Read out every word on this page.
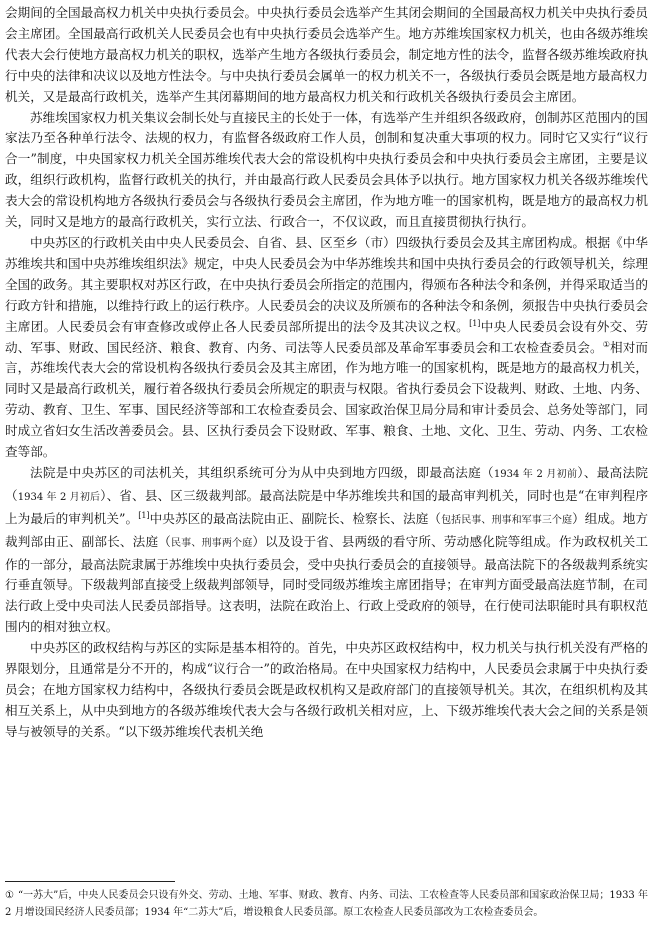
会期间的全国最高权力机关中央执行委员会。中央执行委员会选举产生其闭会期间的全国最高权力机关中央执行委员会主席团。全国最高行政机关人民委员会也有中央执行委员会选举产生。地方苏维埃国家权力机关，也由各级苏维埃代表大会行使地方最高权力机关的职权，选举产生地方各级执行委员会，制定地方性的法令，监督各级苏维埃政府执行中央的法律和决议以及地方性法令。与中央执行委员会属单一的权力机关不一，各级执行委员会既是地方最高权力机关，又是最高行政机关，选举产生其闭幕期间的地方最高权力机关和行政机关各级执行委员会主席团。

苏维埃国家权力机关集议会制长处与直接民主的长处于一体，有选举产生并组织各级政府，创制苏区范围内的国家法乃至各种单行法令、法规的权力，有监督各级政府工作人员，创制和复决重大事项的权力。同时它又实行“议行合一”制度，中央国家权力机关全国苏维埃代表大会的常设机构中央执行委员会和中央执行委员会主席团，主要是议政，组织行政机构，监督行政机关的执行，并由最高行政人民委员会具体予以执行。地方国家权力机关各级苏维埃代表大会的常设机构地方各级执行委员会与各级执行委员会主席团，作为地方唯一的国家机构，既是地方的最高权力机关，同时又是地方的最高行政机关，实行立法、行政合一，不仅议政，而且直接贯彻执行执行。

中央苏区的行政机关由中央人民委员会、自省、县、区至乡（市）四级执行委员会及其主席团构成。根据《中华苏维埃共和国中央苏维埃组织法》规定，中央人民委员会为中华苏维埃共和国中央执行委员会的行政领导机关，综理全国的政务。其主要职权对苏区行政，在中央执行委员会所指定的范围内，得颁布各种法令和条例，并得采取适当的行政方针和措施，以维持行政上的运行秩序。人民委员会的决议及所颁布的各种法令和条例，须报告中央执行委员会主席团。人民委员会有审查修改或停止各人民委员部所提出的法令及其决议之权。[1]中央人民委员会设有外交、劳动、军事、财政、国民经济、粮食、教育、内务、司法等人民委员部及革命军事委员会和工农检查委员会。①相对而言，苏维埃代表大会的常设机构各级执行委员会及其主席团，作为地方唯一的国家机构，既是地方的最高权力机关，同时又是最高行政机关，履行着各级执行委员会所规定的职责与权限。省执行委员会下设裁判、财政、土地、内务、劳动、教育、卫生、军事、国民经济等部和工农检查委员会、国家政治保卫局分局和审计委员会、总务处等部门，同时成立省妇女生活改善委员会。县、区执行委员会下设财政、军事、粮食、土地、文化、卫生、劳动、内务、工农检查等部。

法院是中央苏区的司法机关，其组织系统可分为从中央到地方四级，即最高法庭（1934 年 2 月初前）、最高法院（1934 年 2 月初后）、省、县、区三级裁判部。最高法院是中华苏维埃共和国的最高审判机关，同时也是“在审判程序上为最后的审判机关”。[1]中央苏区的最高法院由正、副院长、检察长、法庭（包括民事、刑事和军事三个庭）组成。地方裁判部由正、副部长、法庭（民事、刑事两个庭）以及设于省、县两级的看守所、劳动感化院等组成。作为政权机关工作的一部分，最高法院隶属于苏维埃中央执行委员会，受中央执行委员会的直接领导。最高法院下的各级裁判系统实行垂直领导。下级裁判部直接受上级裁判部领导，同时受同级苏维埃主席团指导；在审判方面受最高法庭节制，在司法行政上受中央司法人民委员部指导。这表明，法院在政治上、行政上受政府的领导，在行使司法职能时具有职权范围内的相对独立权。

中央苏区的政权结构与苏区的实际是基本相符的。首先，中央苏区政权结构中，权力机关与执行机关没有严格的界限划分，且通常是分不开的，构成“议行合一”的政治格局。在中央国家权力结构中，人民委员会隶属于中央执行委员会；在地方国家权力结构中，各级执行委员会既是政权机构又是政府部门的直接领导机关。其次，在组织机构及其相互关系上，从中央到地方的各级苏维埃代表大会与各级行政机关相对应，上、下级苏维埃代表大会之间的关系是领导与被领导的关系。“以下级苏维埃代表机关绝

① “一苏大”后，中央人民委员会只设有外交、劳动、土地、军事、财政、教育、内务、司法、工农检查等人民委员部和国家政治保卫局；1933 年 2 月增设国民经济人民委员部；1934 年“二苏大”后，增设粮食人民委员部。原工农检查人民委员部改为工农检查委员会。
